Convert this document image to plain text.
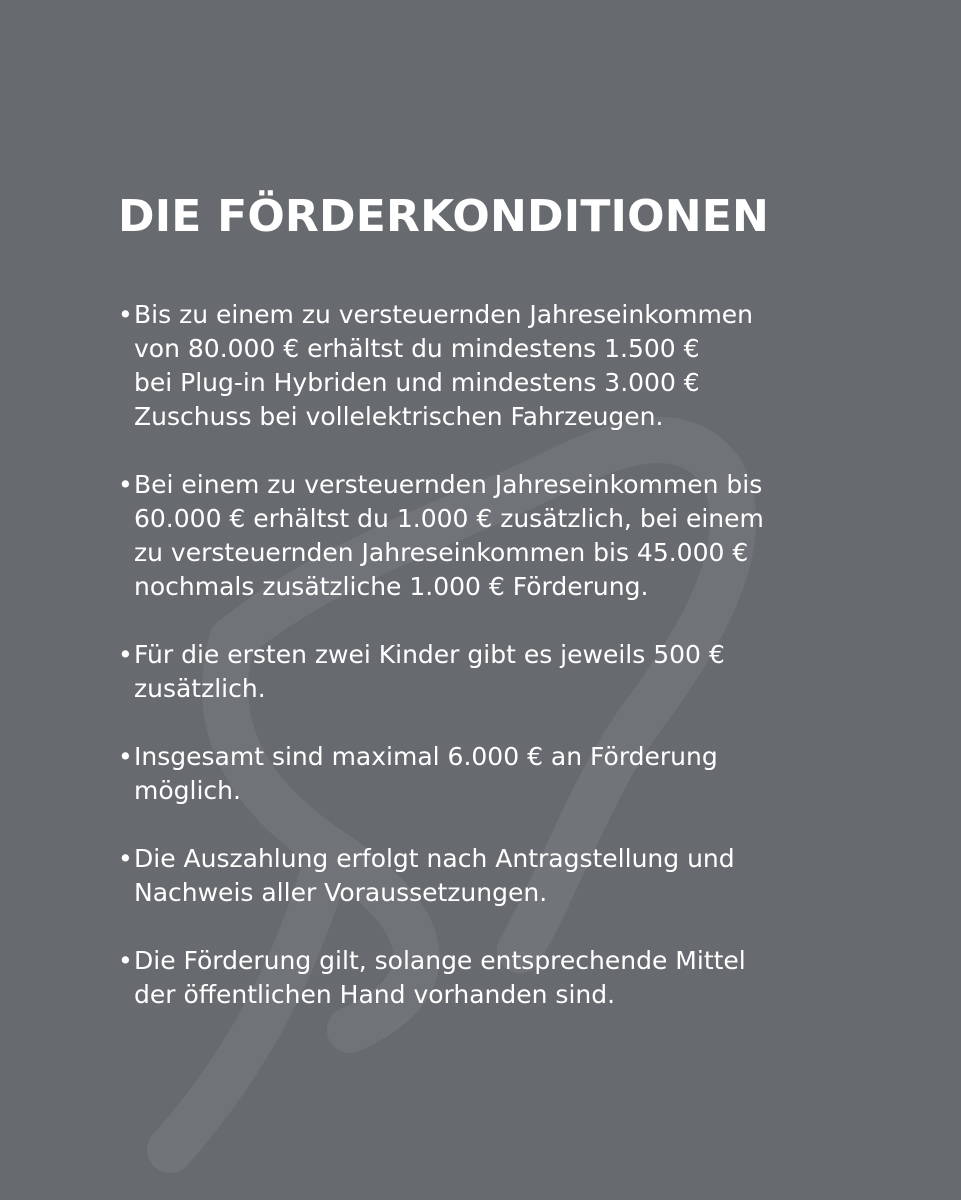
DIE FÖRDERKONDITIONEN
• Bis zu einem zu versteuernden Jahreseinkommen
von 80.000 € erhältst du mindestens 1.500 €
bei Plug-in Hybriden und mindestens 3.000 €
Zuschuss bei vollelektrischen Fahrzeugen.
• Bei einem zu versteuernden Jahreseinkommen bis
60.000 € erhältst du 1.000 € zusätzlich, bei einem
zu versteuernden Jahreseinkommen bis 45.000 €
nochmals zusätzliche 1.000 € Förderung.
• Für die ersten zwei Kinder gibt es jeweils 500 €
zusätzlich.
• Insgesamt sind maximal 6.000 € an Förderung
möglich.
• Die Auszahlung erfolgt nach Antragstellung und
Nachweis aller Voraussetzungen.
• Die Förderung gilt, solange entsprechende Mittel
der öffentlichen Hand vorhanden sind.
